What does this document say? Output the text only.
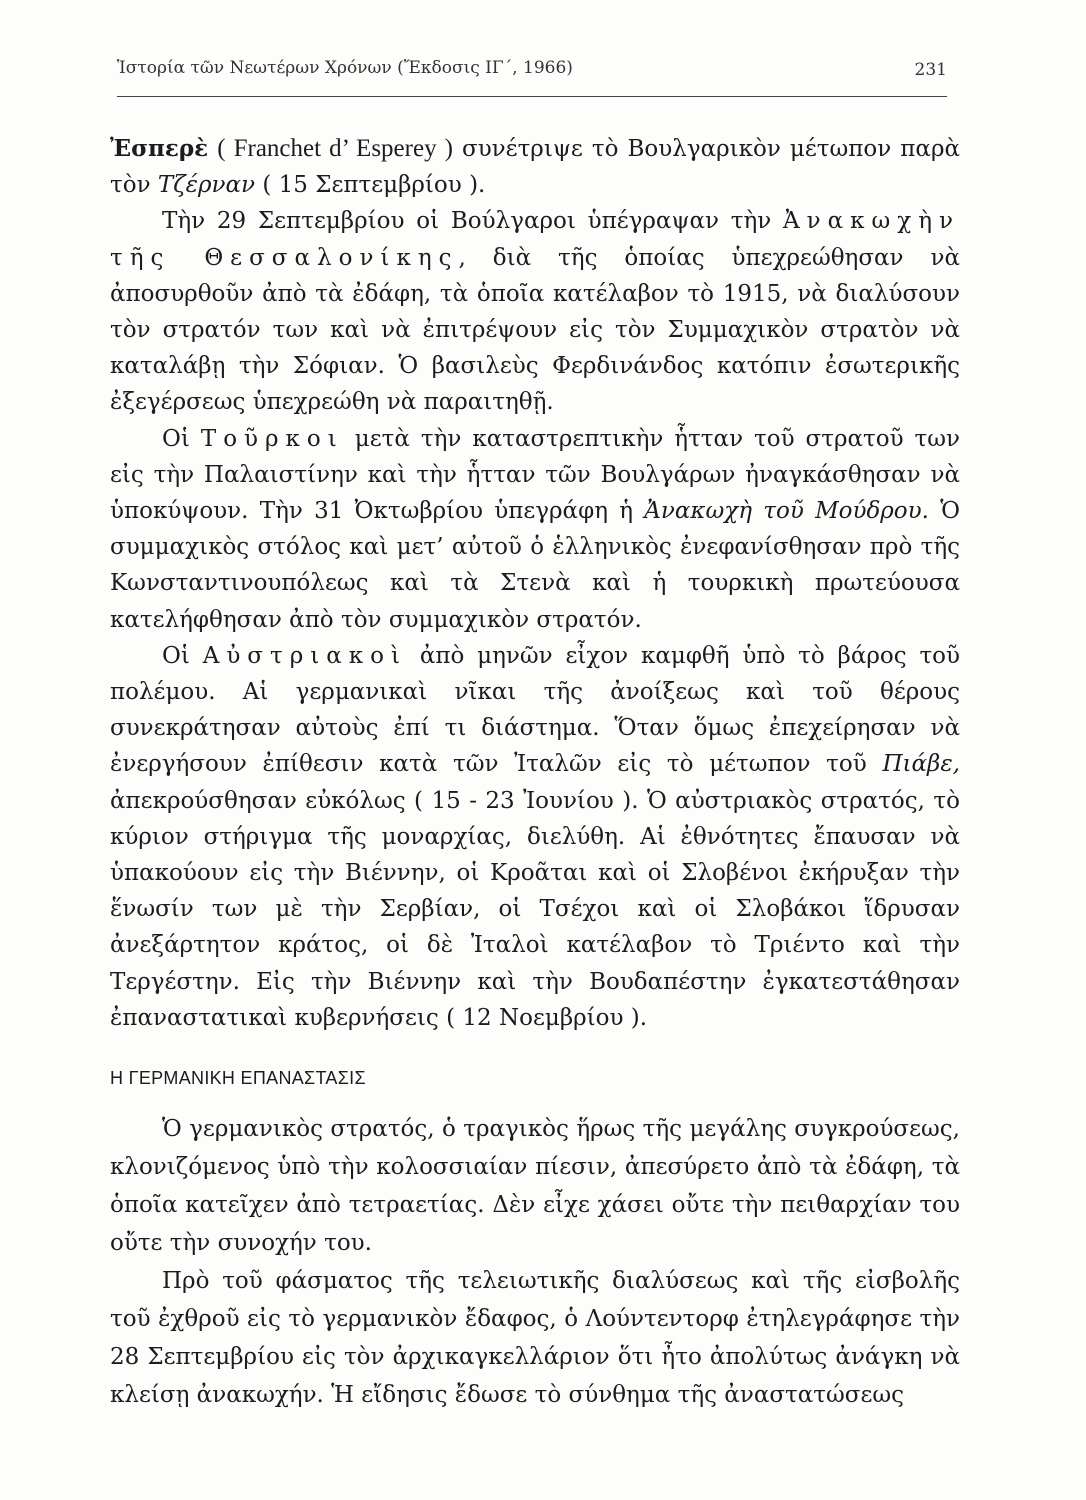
Ἱστορία τῶν Νεωτέρων Χρόνων (Ἔκδοσις ΙΓ΄, 1966)	231

Ἐσπερὲ ( Franchet d’ Esperey ) συνέτριψε τὸ Βουλγαρικὸν μέτωπον παρὰ τὸν Τζέρναν ( 15 Σεπτεμβρίου ).

Τὴν 29 Σεπτεμβρίου οἱ Βούλγαροι ὑπέγραψαν τὴν Ἀνακωχὴν τῆς Θεσσαλονίκης, διὰ τῆς ὁποίας ὑπεχρεώθησαν νὰ ἀποσυρθοῦν ἀπὸ τὰ ἐδάφη, τὰ ὁποῖα κατέλαβον τὸ 1915, νὰ διαλύσουν τὸν στρατόν των καὶ νὰ ἐπιτρέψουν εἰς τὸν Συμμαχικὸν στρατὸν νὰ καταλάβῃ τὴν Σόφιαν. Ὁ βασιλεὺς Φερδινάνδος κατόπιν ἐσωτερικῆς ἐξεγέρσεως ὑπεχρεώθη νὰ παραιτηθῇ.

Οἱ Τοῦρκοι μετὰ τὴν καταστρεπτικὴν ἧτταν τοῦ στρατοῦ των εἰς τὴν Παλαιστίνην καὶ τὴν ἧτταν τῶν Βουλγάρων ἠναγκάσθησαν νὰ ὑποκύψουν. Τὴν 31 Ὀκτωβρίου ὑπεγράφη ἡ Ἀνακωχὴ τοῦ Μούδρου. Ὁ συμμαχικὸς στόλος καὶ μετ’ αὐτοῦ ὁ ἑλληνικὸς ἐνεφανίσθησαν πρὸ τῆς Κωνσταντινουπόλεως καὶ τὰ Στενὰ καὶ ἡ τουρκικὴ πρωτεύουσα κατελήφθησαν ἀπὸ τὸν συμμαχικὸν στρατόν.

Οἱ Αὐστριακοὶ ἀπὸ μηνῶν εἶχον καμφθῆ ὑπὸ τὸ βάρος τοῦ πολέμου. Αἱ γερμανικαὶ νῖκαι τῆς ἀνοίξεως καὶ τοῦ θέρους συνεκράτησαν αὐτοὺς ἐπί τι διάστημα. Ὅταν ὅμως ἐπεχείρησαν νὰ ἐνεργήσουν ἐπίθεσιν κατὰ τῶν Ἰταλῶν εἰς τὸ μέτωπον τοῦ Πιάβε, ἀπεκρούσθησαν εὐκόλως ( 15 - 23 Ἰουνίου ). Ὁ αὐστριακὸς στρατός, τὸ κύριον στήριγμα τῆς μοναρχίας, διελύθη. Αἱ ἐθνότητες ἔπαυσαν νὰ ὑπακούουν εἰς τὴν Βιέννην, οἱ Κροᾶται καὶ οἱ Σλοβένοι ἐκήρυξαν τὴν ἕνωσίν των μὲ τὴν Σερβίαν, οἱ Τσέχοι καὶ οἱ Σλοβάκοι ἵδρυσαν ἀνεξάρτητον κράτος, οἱ δὲ Ἰταλοὶ κατέλαβον τὸ Τριέντο καὶ τὴν Τεργέστην. Εἰς τὴν Βιέννην καὶ τὴν Βουδαπέστην ἐγκατεστάθησαν ἐπαναστατικαὶ κυβερνήσεις ( 12 Νοεμβρίου ).

Η ΓΕΡΜΑΝΙΚΗ ΕΠΑΝΑΣΤΑΣΙΣ

Ὁ γερμανικὸς στρατός, ὁ τραγικὸς ἥρως τῆς μεγάλης συγκρούσεως, κλονιζόμενος ὑπὸ τὴν κολοσσιαίαν πίεσιν, ἀπεσύρετο ἀπὸ τὰ ἐδάφη, τὰ ὁποῖα κατεῖχεν ἀπὸ τετραετίας. Δὲν εἶχε χάσει οὔτε τὴν πειθαρχίαν του οὔτε τὴν συνοχήν του.

Πρὸ τοῦ φάσματος τῆς τελειωτικῆς διαλύσεως καὶ τῆς εἰσβολῆς τοῦ ἐχθροῦ εἰς τὸ γερμανικὸν ἔδαφος, ὁ Λούντεντορφ ἐτηλεγράφησε τὴν 28 Σεπτεμβρίου εἰς τὸν ἀρχικαγκελλάριον ὅτι ἦτο ἀπολύτως ἀνάγκη νὰ κλείσῃ ἀνακωχήν. Ἡ εἴδησις ἔδωσε τὸ σύνθημα τῆς ἀναστατώσεως
